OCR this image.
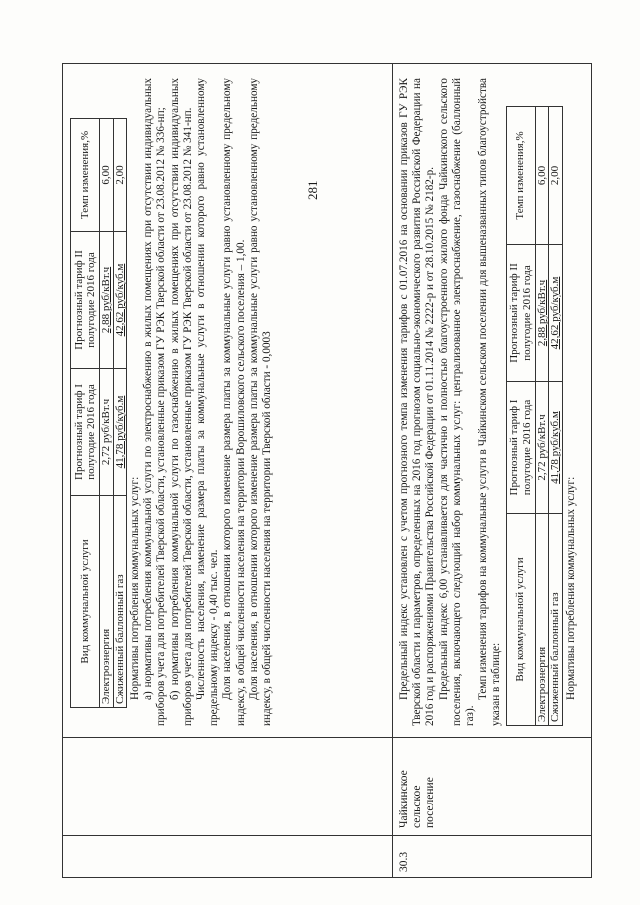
281
Вид коммунальной услуги	Прогнозный тариф I полугодие 2016 года	Прогнозный тариф II полугодие 2016 года	Темп изменения,%
Электроэнергия	2,72 руб/кВт.ч	2,88 руб/кВт.ч	6,00
Сжиженный баллонный газ	41,78 руб/куб.м	42,62 руб/куб.м	2,00

Нормативы потребления коммунальных услуг: а) нормативы потребления коммунальной услуги по электроснабжению в жилых помещениях при отсутствии индивидуальных приборов учета для потребителей Тверской области, установленные приказом ГУ РЭК Тверской области от 23.08.2012 № 336-нп; б) нормативы потребления коммунальной услуги по газоснабжению в жилых помещениях при отсутствии индивидуальных приборов учета для потребителей Тверской области, установленные приказом ГУ РЭК Тверской области от 23.08.2012 № 341-нп. Численность населения, изменение размера платы за коммунальные услуги в отношении которого равно установленному предельному индексу - 0,40 тыс. чел. Доля населения, в отношении которого изменение размера платы за коммунальные услуги равно установленному предельному индексу, в общей численности населения на территории Ворошиловского сельского поселения – 1,00. Доля населения, в отношении которого изменение размера платы за коммунальные услуги равно установленному предельному индексу, в общей численности населения на территории Тверской области - 0,0003

30.3
Чайкинское сельское поселение

Предельный индекс установлен с учетом прогнозного темпа изменения тарифов с 01.07.2016 на основании приказов ГУ РЭК Тверской области и параметров, определенных на 2016 год прогнозом социально-экономического развития Российской Федерации на 2016 год и распоряжениями Правительства Российской Федерации от 01.11.2014 № 2222-р и от 28.10.2015 № 2182-р. Предельный индекс 6,00 устанавливается для частично и полностью благоустроенного жилого фонда Чайкинского сельского поселения, включающего следующий набор коммунальных услуг: централизованное электроснабжение, газоснабжение (баллонный газ).

Темп изменения тарифов на коммунальные услуги в Чайкинском сельском поселении для вышеназванных типов благоустройства указан в таблице:

Вид коммунальной услуги	Прогнозный тариф I полугодие 2016 года	Прогнозный тариф II полугодие 2016 года	Темп изменения,%
Электроэнергия	2,72 руб/кВт.ч	2,88 руб/кВт.ч	6,00
Сжиженный баллонный газ	41,78 руб/куб.м	42,62 руб/куб.м	2,00

Нормативы потребления коммунальных услуг:
